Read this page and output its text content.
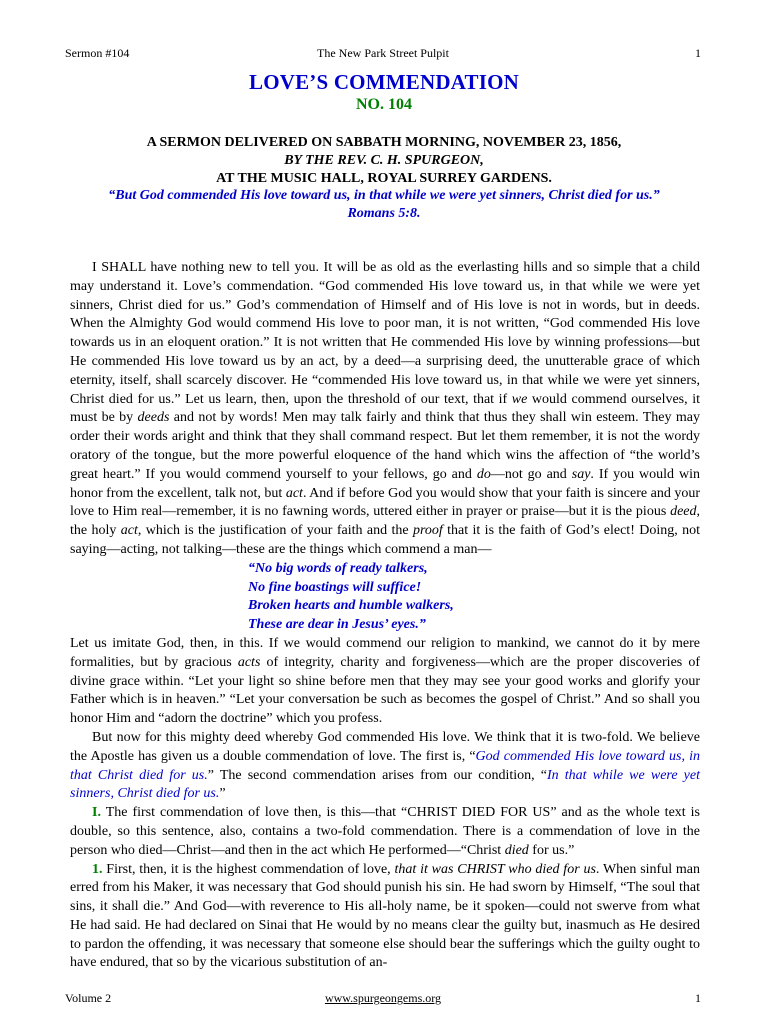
Sermon #104	The New Park Street Pulpit	1
LOVE’S COMMENDATION
NO. 104
A SERMON DELIVERED ON SABBATH MORNING, NOVEMBER 23, 1856,
BY THE REV. C. H. SPURGEON,
AT THE MUSIC HALL, ROYAL SURREY GARDENS.
“But God commended His love toward us, in that while we were yet sinners, Christ died for us.”
Romans 5:8.

I SHALL have nothing new to tell you. It will be as old as the everlasting hills and so simple that a child may understand it. Love’s commendation. “God commended His love toward us, in that while we were yet sinners, Christ died for us.” God’s commendation of Himself and of His love is not in words, but in deeds. When the Almighty God would commend His love to poor man, it is not written, “God commended His love towards us in an eloquent oration.” It is not written that He commended His love by winning professions—but He commended His love toward us by an act, by a deed—a surprising deed, the unutterable grace of which eternity, itself, shall scarcely discover. He “commended His love toward us, in that while we were yet sinners, Christ died for us.” Let us learn, then, upon the threshold of our text, that if we would commend ourselves, it must be by deeds and not by words! Men may talk fairly and think that thus they shall win esteem. They may order their words aright and think that they shall command respect. But let them remember, it is not the wordy oratory of the tongue, but the more powerful eloquence of the hand which wins the affection of “the world’s great heart.” If you would commend yourself to your fellows, go and do—not go and say. If you would win honor from the excellent, talk not, but act. And if before God you would show that your faith is sincere and your love to Him real—remember, it is no fawning words, uttered either in prayer or praise—but it is the pious deed, the holy act, which is the justification of your faith and the proof that it is the faith of God’s elect! Doing, not saying—acting, not talking—these are the things which commend a man—

“No big words of ready talkers,
No fine boastings will suffice!
Broken hearts and humble walkers,
These are dear in Jesus’ eyes.”

Let us imitate God, then, in this. If we would commend our religion to mankind, we cannot do it by mere formalities, but by gracious acts of integrity, charity and forgiveness—which are the proper discoveries of divine grace within. “Let your light so shine before men that they may see your good works and glorify your Father which is in heaven.” “Let your conversation be such as becomes the gospel of Christ.” And so shall you honor Him and “adorn the doctrine” which you profess.

But now for this mighty deed whereby God commended His love. We think that it is two-fold. We believe the Apostle has given us a double commendation of love. The first is, “God commended His love toward us, in that Christ died for us.” The second commendation arises from our condition, “In that while we were yet sinners, Christ died for us.”

I. The first commendation of love then, is this—that “CHRIST DIED FOR US” and as the whole text is double, so this sentence, also, contains a two-fold commendation. There is a commendation of love in the person who died—Christ—and then in the act which He performed—“Christ died for us.”

1. First, then, it is the highest commendation of love, that it was CHRIST who died for us. When sinful man erred from his Maker, it was necessary that God should punish his sin. He had sworn by Himself, “The soul that sins, it shall die.” And God—with reverence to His all-holy name, be it spoken—could not swerve from what He had said. He had declared on Sinai that He would by no means clear the guilty but, inasmuch as He desired to pardon the offending, it was necessary that someone else should bear the sufferings which the guilty ought to have endured, that so by the vicarious substitution of an-

Volume 2	www.spurgeongems.org	1
